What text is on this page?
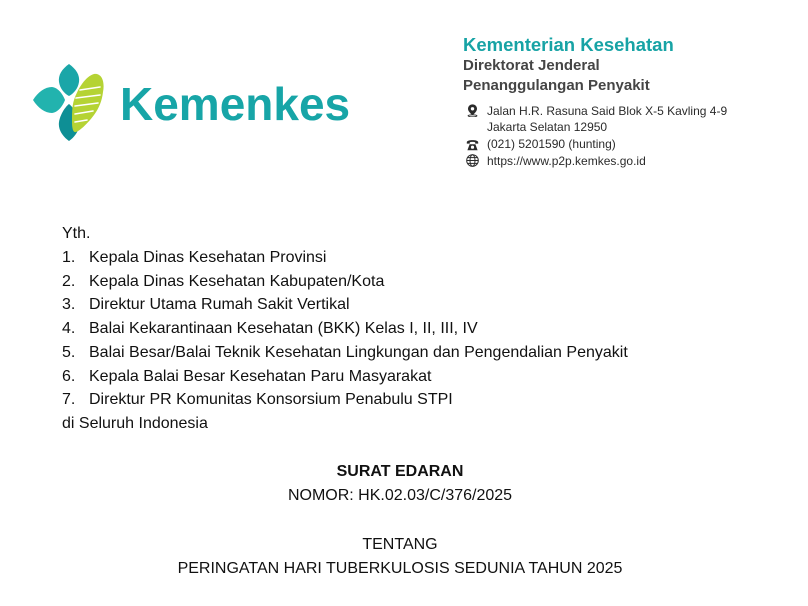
Kemenkes
Kementerian Kesehatan
Direktorat Jenderal
Penanggulangan Penyakit
Jalan H.R. Rasuna Said Blok X-5 Kavling 4-9
Jakarta Selatan 12950
(021) 5201590 (hunting)
https://www.p2p.kemkes.go.id
Yth.
1. Kepala Dinas Kesehatan Provinsi
2. Kepala Dinas Kesehatan Kabupaten/Kota
3. Direktur Utama Rumah Sakit Vertikal
4. Balai Kekarantinaan Kesehatan (BKK) Kelas I, II, III, IV
5. Balai Besar/Balai Teknik Kesehatan Lingkungan dan Pengendalian Penyakit
6. Kepala Balai Besar Kesehatan Paru Masyarakat
7. Direktur PR Komunitas Konsorsium Penabulu STPI
di Seluruh Indonesia
SURAT EDARAN
NOMOR: HK.02.03/C/376/2025
TENTANG
PERINGATAN HARI TUBERKULOSIS SEDUNIA TAHUN 2025
